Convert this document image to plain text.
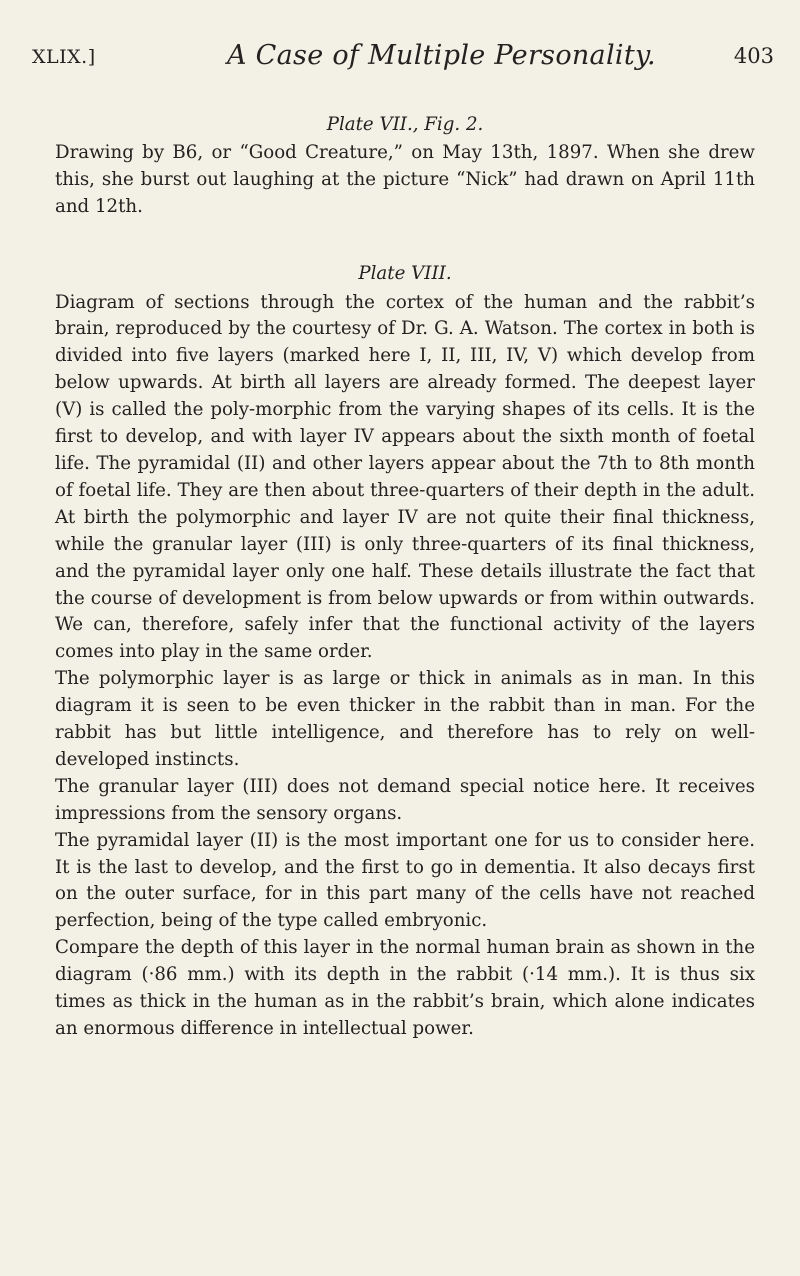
XLIX.]	A Case of Multiple Personality.	403
Plate VII., Fig. 2.

Drawing by B6, or “Good Creature,” on May 13th, 1897. When she drew this, she burst out laughing at the picture “Nick” had drawn on April 11th and 12th.

Plate VIII.

Diagram of sections through the cortex of the human and the rabbit’s brain, reproduced by the courtesy of Dr. G. A. Watson. The cortex in both is divided into five layers (marked here I, II, III, IV, V) which develop from below upwards. At birth all layers are already formed. The deepest layer (V) is called the poly-morphic from the varying shapes of its cells. It is the first to develop, and with layer IV appears about the sixth month of foetal life. The pyramidal (II) and other layers appear about the 7th to 8th month of foetal life. They are then about three-quarters of their depth in the adult. At birth the polymorphic and layer IV are not quite their final thickness, while the granular layer (III) is only three-quarters of its final thickness, and the pyramidal layer only one half. These details illustrate the fact that the course of development is from below upwards or from within outwards. We can, therefore, safely infer that the functional activity of the layers comes into play in the same order.

The polymorphic layer is as large or thick in animals as in man. In this diagram it is seen to be even thicker in the rabbit than in man. For the rabbit has but little intelligence, and therefore has to rely on well-developed instincts.

The granular layer (III) does not demand special notice here. It receives impressions from the sensory organs.

The pyramidal layer (II) is the most important one for us to consider here. It is the last to develop, and the first to go in dementia. It also decays first on the outer surface, for in this part many of the cells have not reached perfection, being of the type called embryonic.

Compare the depth of this layer in the normal human brain as shown in the diagram (·86 mm.) with its depth in the rabbit (·14 mm.). It is thus six times as thick in the human as in the rabbit’s brain, which alone indicates an enormous difference in intellectual power.
